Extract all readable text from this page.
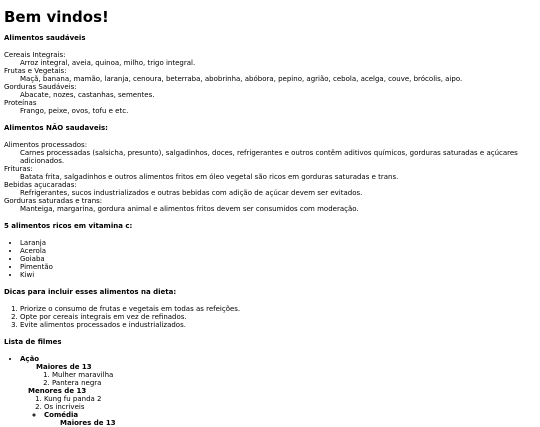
Bem vindos!
Alimentos saudáveis
Cereais Integrais:
Arroz integral, aveia, quinoa, milho, trigo integral.
Frutas e Vegetais:
Maçã, banana, mamão, laranja, cenoura, beterraba, abobrinha, abóbora, pepino, agrião, cebola, acelga, couve, brócolis, aipo.
Gorduras Saudáveis:
Abacate, nozes, castanhas, sementes.
Proteínas
Frango, peixe, ovos, tofu e etc.
Alimentos NÃO saudaveis:
Alimentos processados:
Carnes processadas (salsicha, presunto), salgadinhos, doces, refrigerantes e outros contêm aditivos químicos, gorduras saturadas e açúcares adicionados.
Frituras:
Batata frita, salgadinhos e outros alimentos fritos em óleo vegetal são ricos em gorduras saturadas e trans.
Bebidas açucaradas:
Refrigerantes, sucos industrializados e outras bebidas com adição de açúcar devem ser evitados.
Gorduras saturadas e trans:
Manteiga, margarina, gordura animal e alimentos fritos devem ser consumidos com moderação.
5 alimentos ricos em vitamina c:
• Laranja
• Acerola
• Goiaba
• Pimentão
• Kiwi
Dicas para incluir esses alimentos na dieta:
1. Priorize o consumo de frutas e vegetais em todas as refeições.
2. Opte por cereais integrais em vez de refinados.
3. Evite alimentos processados e industrializados.
Lista de filmes
• Ação
Maiores de 13
1. Mulher maravilha
2. Pantera negra
Menores de 13
1. Kung fu panda 2
2. Os incriveis
◦ Comédia
Maiores de 13
